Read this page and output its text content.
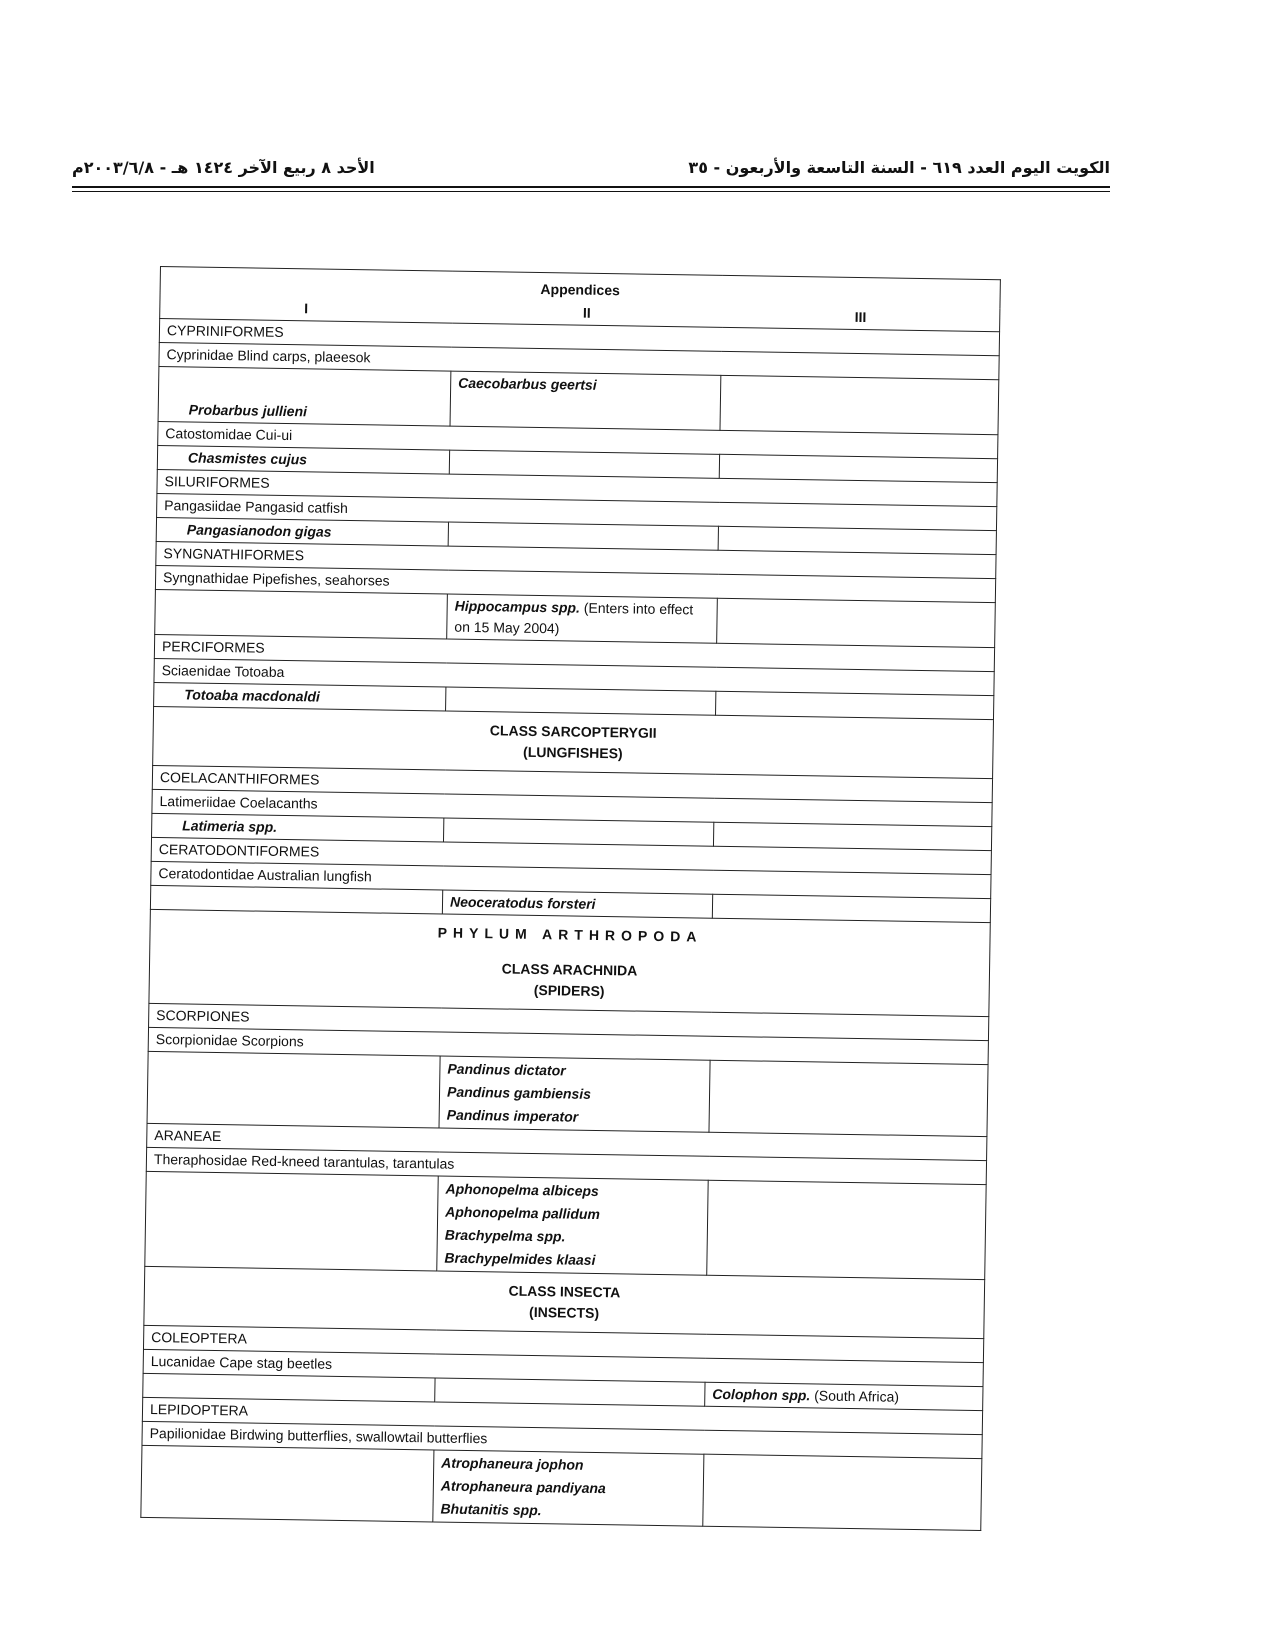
الكويت اليوم العدد ٦١٩ - السنة التاسعة والأربعون - ٣٥
الأحد ٨ ربيع الآخر ١٤٢٤ هـ - ٢٠٠٣/٦/٨م
Appendices		
I	II	III
CYPRINIFORMES		
Cyprinidae Blind carps, plaeesok		
Probarbus jullieni	Caecobarbus geertsi	
Catostomidae Cui-ui		
Chasmistes cujus		
SILURIFORMES		
Pangasiidae Pangasid catfish		
Pangasianodon gigas		
SYNGNATHIFORMES		
Syngnathidae Pipefishes, seahorses		
	Hippocampus spp. (Enters into effect on 15 May 2004)	
PERCIFORMES		
Sciaenidae Totoaba		
Totoaba macdonaldi		

CLASS SARCOPTERYGII
(LUNGFISHES)		

COELACANTHIFORMES		
Latimeriidae Coelacanths		
Latimeria spp.		
CERATODONTIFORMES		
Ceratodontidae Australian lungfish		
	Neoceratodus forsteri	

PHYLUM ARTHROPODA
CLASS ARACHNIDA
(SPIDERS)		

SCORPIONES		
Scorpionidae Scorpions		

	Pandinus dictator
Pandinus gambiensis
Pandinus imperator	

ARANEAE		
Theraphosidae Red-kneed tarantulas, tarantulas		

	Aphonopelma albiceps
Aphonopelma pallidum
Brachypelma spp.
Brachypelmides klaasi	

CLASS INSECTA
(INSECTS)		

COLEOPTERA		
Lucanidae Cape stag beetles		
		Colophon spp. (South Africa)
LEPIDOPTERA		
Papilionidae Birdwing butterflies, swallowtail butterflies		

	Atrophaneura jophon
Atrophaneura pandiyana
Bhutanitis spp.	
